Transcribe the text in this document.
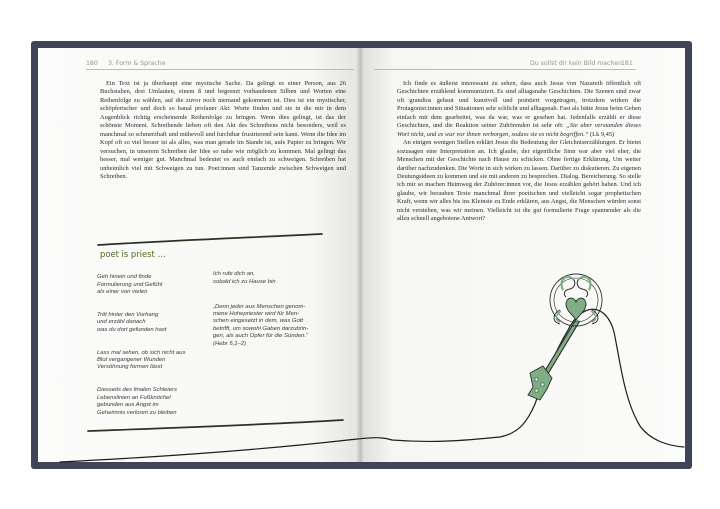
180 3. Form & Sprache

Ein Text ist ja überhaupt eine mystische Sache. Da gelingt es einer Person, aus 26 Buchstaben, drei Umlauten, einem ß und begrenzt vorhandenen Silben und Worten eine Reihenfolge zu wählen, auf die zuvor noch niemand gekommen ist. Dies ist ein mystischer, schöpferischer und doch so banal profaner Akt: Worte finden und sie in die mir in dem Augenblick richtig erscheinende Reihenfolge zu bringen. Wenn dies gelingt, ist das der schönste Moment. Schreibende lieben oft den Akt des Schreibens nicht besonders, weil es manchmal so schmerzhaft und mühevoll und furchtbar frustrierend sein kann. Wenn die Idee im Kopf oft so viel besser ist als alles, was man gerade im Stande ist, aufs Papier zu bringen. Wir versuchen, in unserem Schreiben der Idee so nahe wie möglich zu kommen. Mal gelingt das besser, mal weniger gut. Manchmal bedeutet es auch einfach zu schweigen. Schreiben hat unheimlich viel mit Schweigen zu tun. Poet:innen sind Tanzende zwischen Schweigen und Schreiben.

Geh hinein und finde
Formulierung und Gefühl
als einer von vielen

Tritt hinter den Vorhang
und erzähl danach
was du dort gefunden hast

Lass mal sehen, ob sich nicht aus
Blut vergangener Wunden
Versöhnung formen lässt

Diesseits des finalen Schleiers
Lebenslinien an Fußknöchel
gebunden aus Angst im
Geheimnis verloren zu bleiben

Ich rufe dich an,
sobald ich zu Hause bin

„Denn jeder aus Menschen genom-
mene Hohepriester wird für Men-
schen eingesetzt in dem, was Gott
betrifft, um sowohl Gaben darzubrin-
gen, als auch Opfer für die Sünden.“
(Hebr 5,1–2)

Du sollst dir kein Bild machen
181

Ich finde es äußerst interessant zu sehen, dass auch Jesus von Nazareth öffentlich oft Geschichten erzählend kommuniziert. Es sind alltagsnahe Geschichten. Die Szenen sind zwar oft grandios gebaut und kunstvoll und pointiert vorgetragen, trotzdem wirken die Protagonist:innen und Situationen sehr schlicht und alltagsnah. Fast als hätte Jesus beim Gehen einfach mit dem gearbeitet, was da war, was er gesehen hat. Jedenfalls erzählt er diese Geschichten, und die Reaktion seiner Zuhörenden ist sehr oft: „Sie aber verstanden dieses Wort nicht, und es war vor ihnen verborgen, sodass sie es nicht begriffen.“ (Lk 9,45)

An einigen wenigen Stellen erklärt Jesus die Bedeutung der Gleichniserzählungen. Er bietet sozusagen eine Interpretation an. Ich glaube, der eigentliche Sinn war aber viel eher, die Menschen mit der Geschichte nach Hause zu schicken. Ohne fertige Erklärung. Um weiter darüber nachzudenken. Die Worte in sich wirken zu lassen. Darüber zu diskutieren. Zu eigenen Deutungsideen zu kommen und sie mit anderen zu besprechen. Dialog. Bereicherung. So stelle ich mir so machen Heimweg der Zuhörer:innen vor, die Jesus erzählen gehört haben. Und ich glaube, wir berauben Texte manchmal ihrer poetischen und vielleicht sogar prophetischen Kraft, wenn wir alles bis ins Kleinste zu Ende erklären, aus Angst, die Menschen würden sonst nicht verstehen, was wir meinen. Vielleicht ist die gut formulierte Frage spannender als die allzu schnell angebotene Antwort?

poet is priest …
